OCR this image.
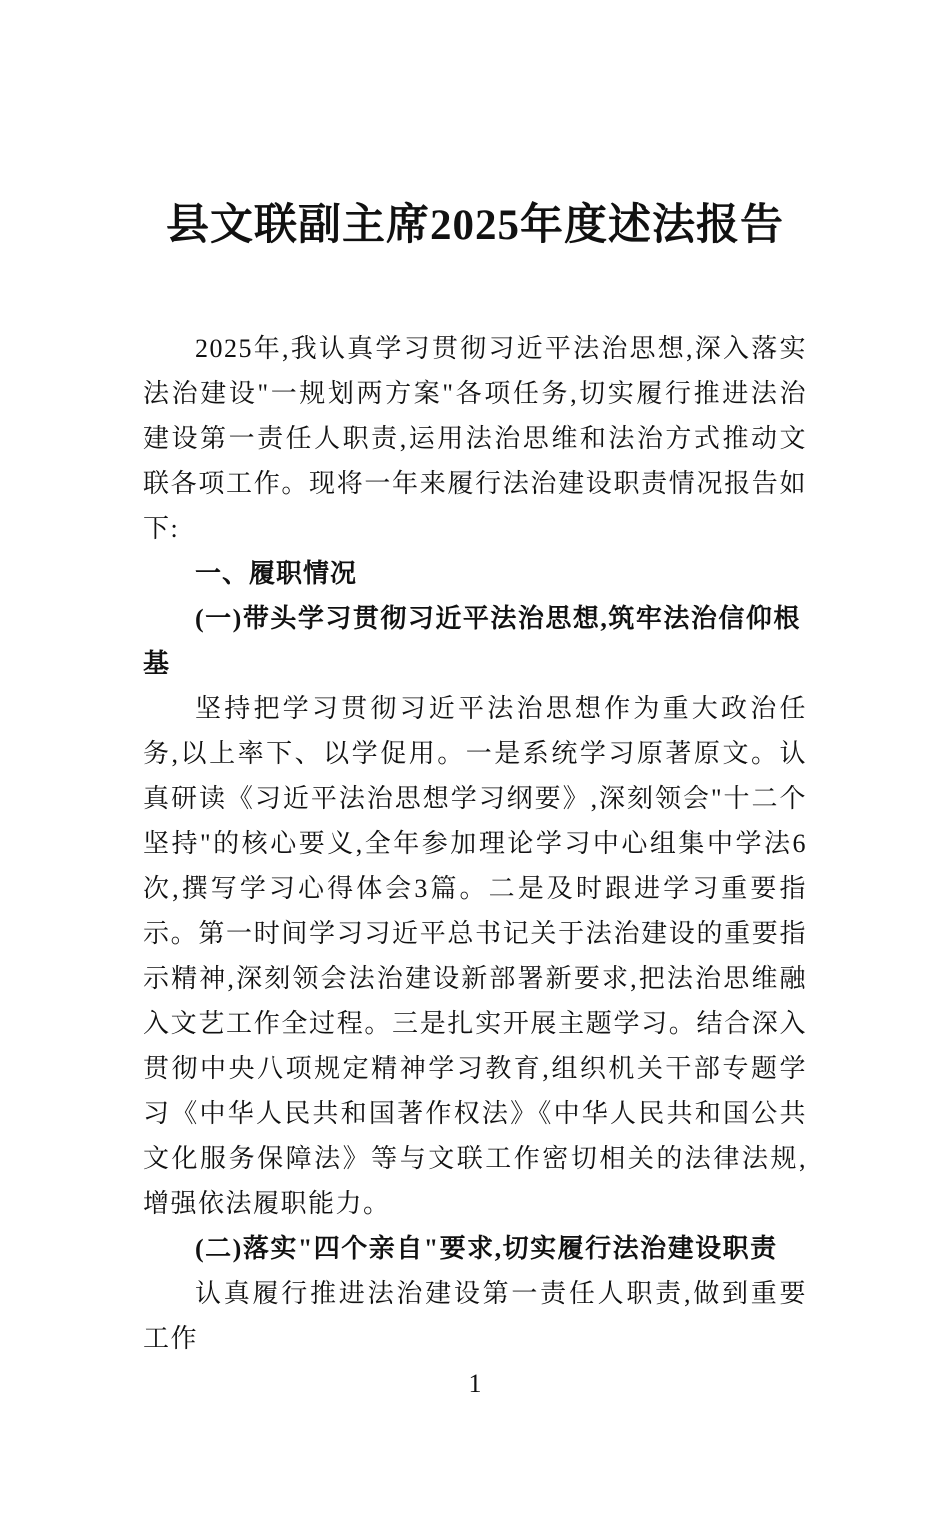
县文联副主席2025年度述法报告

2025年,我认真学习贯彻习近平法治思想,深入落实法治建设"一规划两方案"各项任务,切实履行推进法治建设第一责任人职责,运用法治思维和法治方式推动文联各项工作。现将一年来履行法治建设职责情况报告如下:

一、履职情况
(一)带头学习贯彻习近平法治思想,筑牢法治信仰根基

坚持把学习贯彻习近平法治思想作为重大政治任务,以上率下、以学促用。一是系统学习原著原文。认真研读《习近平法治思想学习纲要》,深刻领会"十二个坚持"的核心要义,全年参加理论学习中心组集中学法6次,撰写学习心得体会3篇。二是及时跟进学习重要指示。第一时间学习习近平总书记关于法治建设的重要指示精神,深刻领会法治建设新部署新要求,把法治思维融入文艺工作全过程。三是扎实开展主题学习。结合深入贯彻中央八项规定精神学习教育,组织机关干部专题学习《中华人民共和国著作权法》《中华人民共和国公共文化服务保障法》等与文联工作密切相关的法律法规,增强依法履职能力。

(二)落实"四个亲自"要求,切实履行法治建设职责

认真履行推进法治建设第一责任人职责,做到重要工作

1
